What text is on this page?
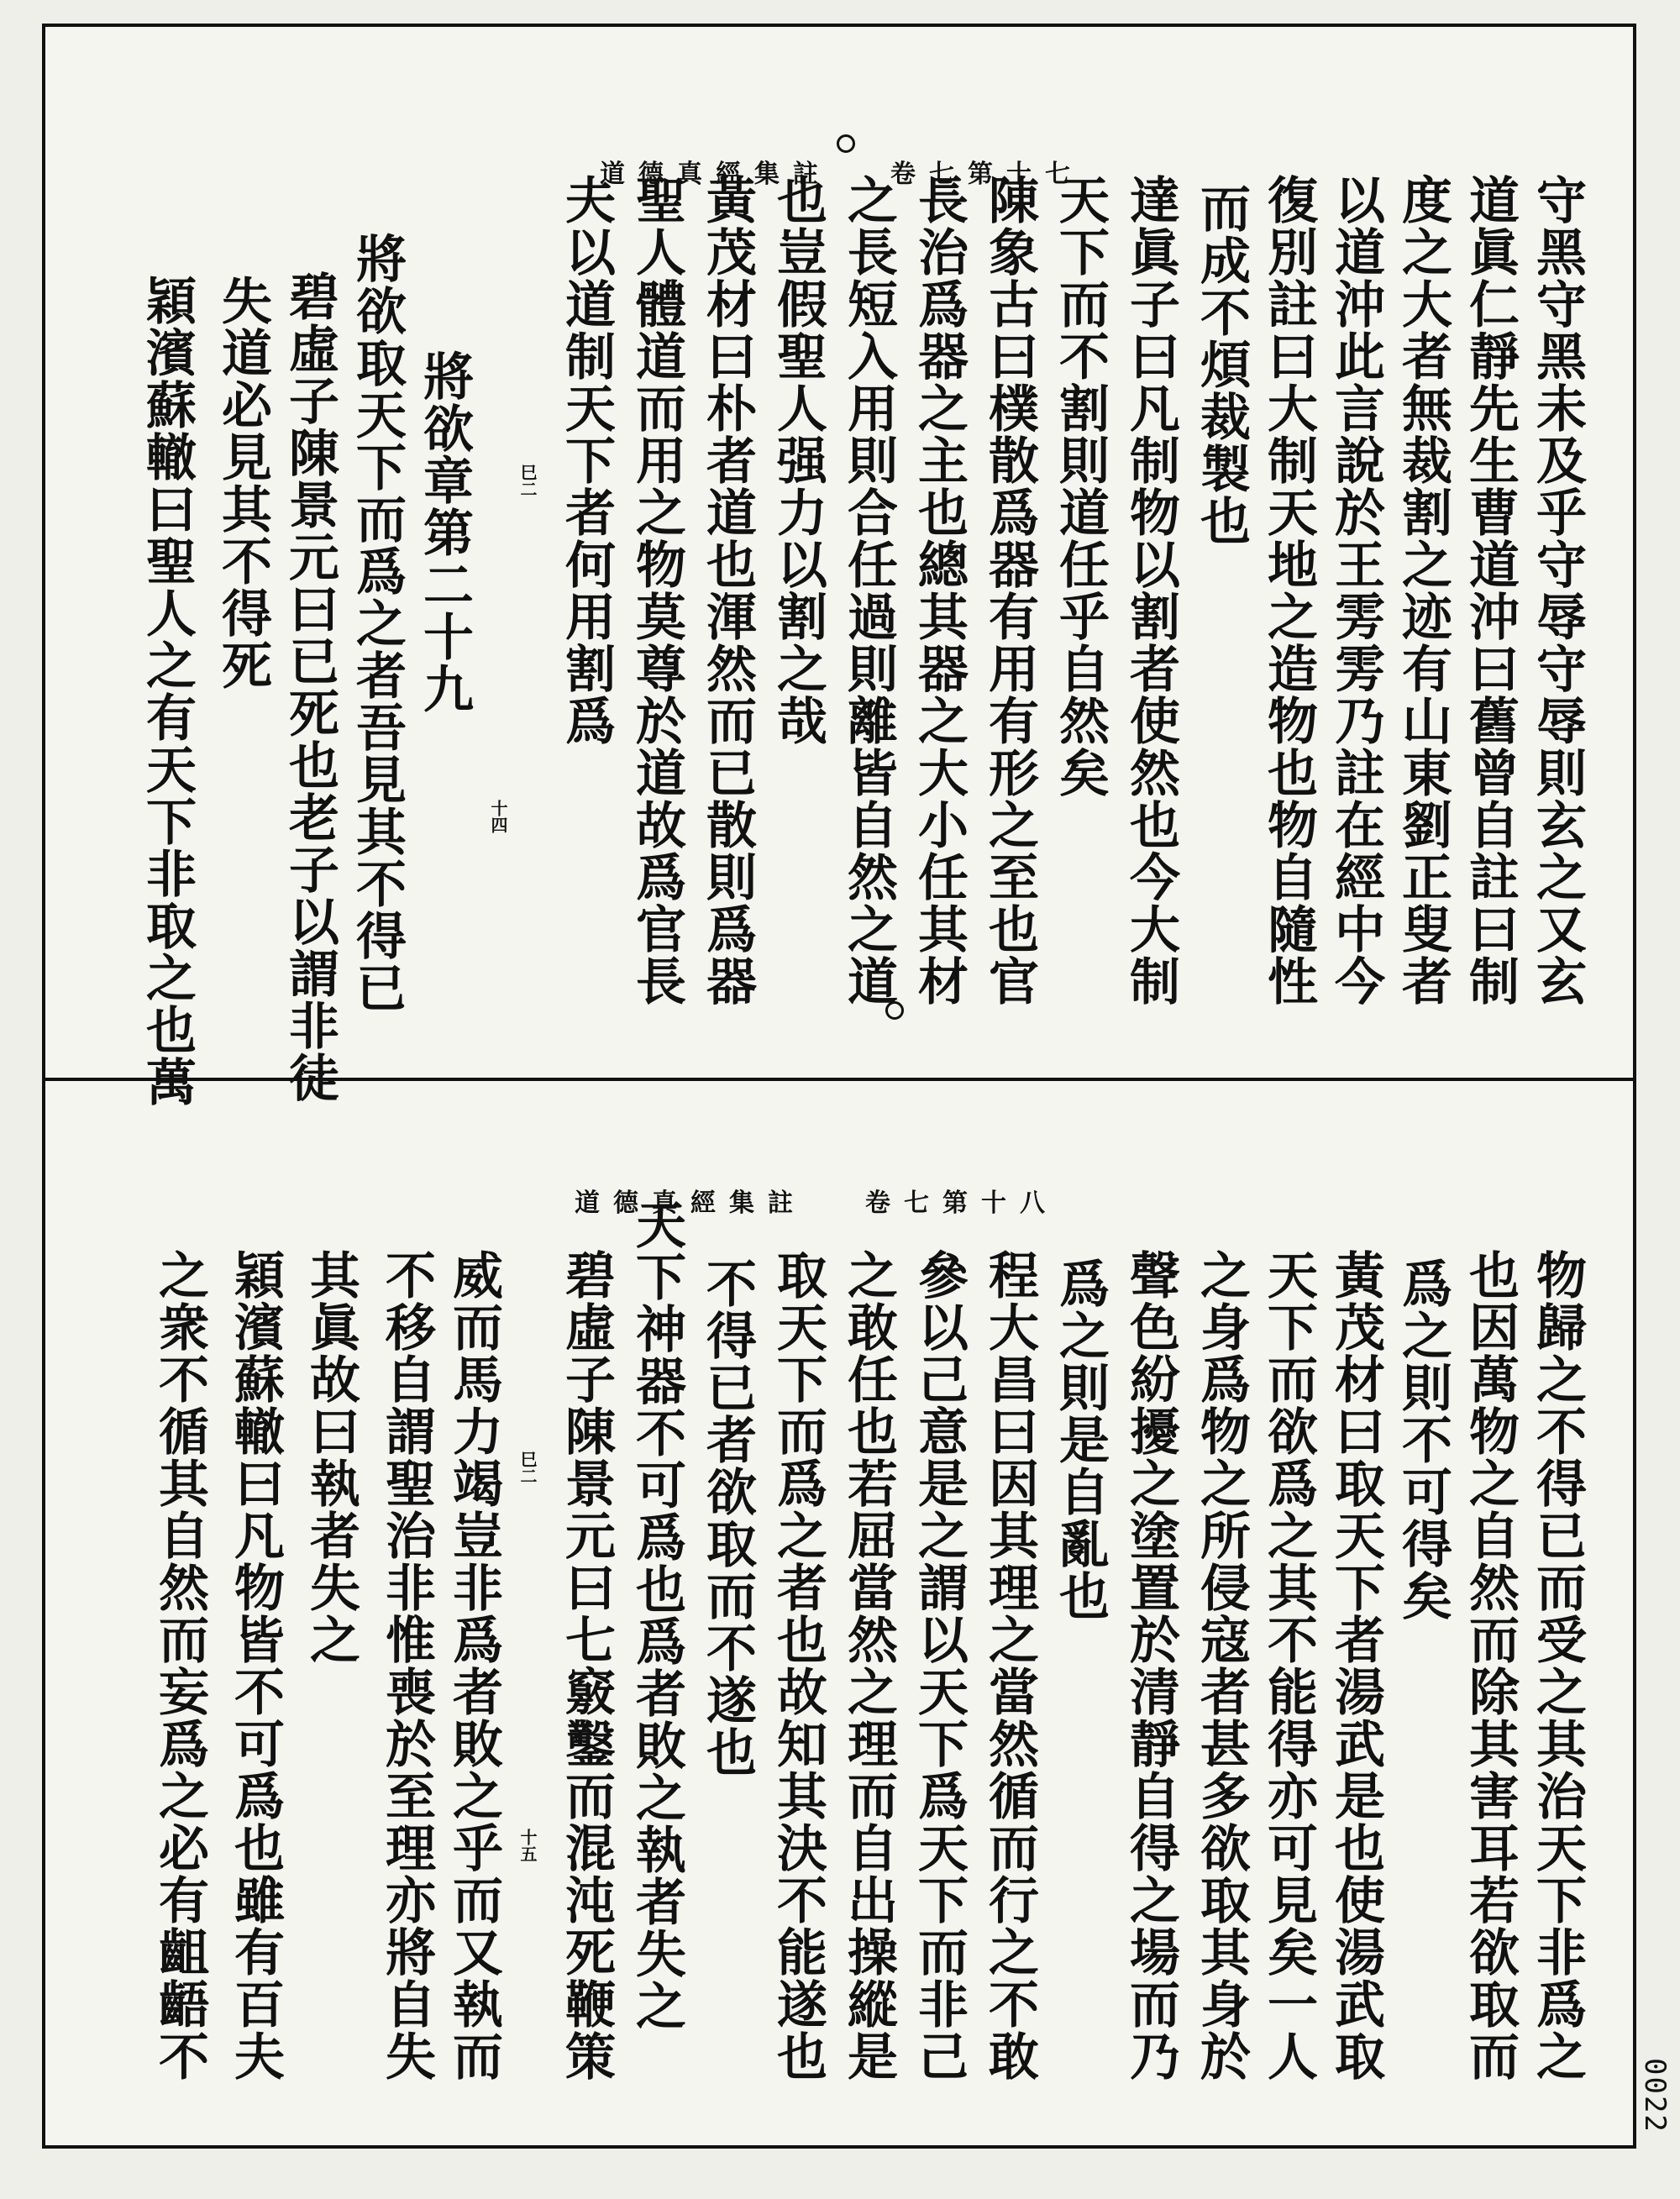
道德真經集註 卷七第十七	守黑守黑未及乎守辱守辱則玄之又玄
道眞仁靜先生曹道沖曰舊曾自註曰制
度之大者無裁割之迹有山東劉正叟者
以道沖此言說於王雱雱乃註在經中今
復別註曰大制天地之造物也物自隨性
而成不煩裁製也
達眞子曰凡制物以割者使然也今大制
天下而不割則道任乎自然矣
陳象古曰樸散爲器有用有形之至也官
長治爲器之主也總其器之大小任其材
之長短入用則合任過則離皆自然之道
也豈假聖人强力以割之哉
黃茂材曰朴者道也渾然而已散則爲器
聖人體道而用之物莫尊於道故爲官長
夫以道制天下者何用割爲
巳二
十四
將欲章第二十九
將欲取天下而爲之者吾見其不得已
碧虛子陳景元曰已死也老子以謂非徒
失道必見其不得死
穎濱蘇轍曰聖人之有天下非取之也萬
道德真經集註 卷七第十八
物歸之不得已而受之其治天下非爲之
也因萬物之自然而除其害耳若欲取而
爲之則不可得矣
黃茂材曰取天下者湯武是也使湯武取
天下而欲爲之其不能得亦可見矣一人
之身爲物之所侵寇者甚多欲取其身於
聲色紛擾之塗置於清靜自得之場而乃
爲之則是自亂也
程大昌曰因其理之當然循而行之不敢
參以己意是之謂以天下爲天下而非己
之敢任也若屈當然之理而自出操縱是
取天下而爲之者也故知其決不能遂也
不得已者欲取而不遂也
天下神器不可爲也爲者敗之執者失之
碧虛子陳景元曰七竅鑿而混沌死鞭策
巳二
十五
威而馬力竭豈非爲者敗之乎而又執而
不移自謂聖治非惟喪於至理亦將自失
其眞故曰執者失之
穎濱蘇轍曰凡物皆不可爲也雖有百夫
之衆不循其自然而妄爲之必有齟齬不
0022
